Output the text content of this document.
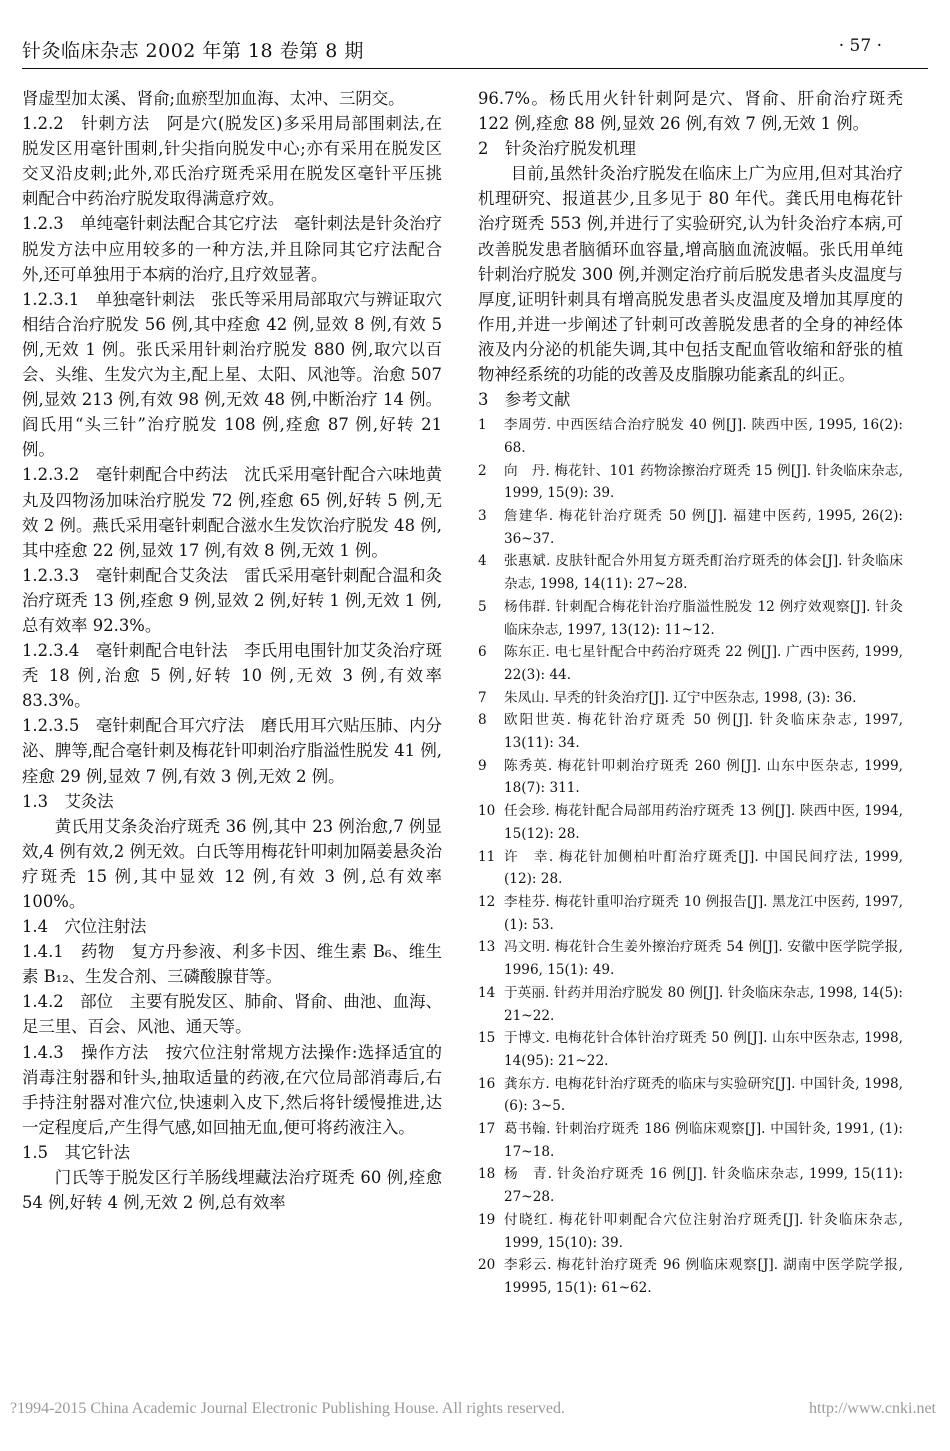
针灸临床杂志 2002 年第 18 卷第 8 期	· 57 ·

肾虚型加太溪、肾俞;血瘀型加血海、太冲、三阴交。

1.2.2　针刺方法　阿是穴(脱发区)多采用局部围刺法,在脱发区用毫针围刺,针尖指向脱发中心;亦有采用在脱发区交叉沿皮刺;此外,邓氏治疗斑秃采用在脱发区毫针平压挑刺配合中药治疗脱发取得满意疗效。

1.2.3　单纯毫针刺法配合其它疗法　毫针刺法是针灸治疗脱发方法中应用较多的一种方法,并且除同其它疗法配合外,还可单独用于本病的治疗,且疗效显著。

1.2.3.1　单独毫针刺法　张氏等采用局部取穴与辨证取穴相结合治疗脱发 56 例,其中痊愈 42 例,显效 8 例,有效 5 例,无效 1 例。张氏采用针刺治疗脱发 880 例,取穴以百会、头维、生发穴为主,配上星、太阳、风池等。治愈 507 例,显效 213 例,有效 98 例,无效 48 例,中断治疗 14 例。阎氏用“头三针”治疗脱发 108 例,痊愈 87 例,好转 21 例。

1.2.3.2　毫针刺配合中药法　沈氏采用毫针配合六味地黄丸及四物汤加味治疗脱发 72 例,痊愈 65 例,好转 5 例,无效 2 例。燕氏采用毫针刺配合滋水生发饮治疗脱发 48 例,其中痊愈 22 例,显效 17 例,有效 8 例,无效 1 例。

1.2.3.3　毫针刺配合艾灸法　雷氏采用毫针刺配合温和灸治疗斑秃 13 例,痊愈 9 例,显效 2 例,好转 1 例,无效 1 例,总有效率 92.3%。

1.2.3.4　毫针刺配合电针法　李氏用电围针加艾灸治疗斑秃 18 例,治愈 5 例,好转 10 例,无效 3 例,有效率 83.3%。

1.2.3.5　毫针刺配合耳穴疗法　磨氏用耳穴贴压肺、内分泌、脾等,配合毫针刺及梅花针叩刺治疗脂溢性脱发 41 例,痊愈 29 例,显效 7 例,有效 3 例,无效 2 例。

1.3　艾灸法

黄氏用艾条灸治疗斑秃 36 例,其中 23 例治愈,7 例显效,4 例有效,2 例无效。白氏等用梅花针叩刺加隔姜悬灸治疗斑秃 15 例,其中显效 12 例,有效 3 例,总有效率 100%。

1.4　穴位注射法

1.4.1　药物　复方丹参液、利多卡因、维生素 B₆、维生素 B₁₂、生发合剂、三磷酸腺苷等。

1.4.2　部位　主要有脱发区、肺俞、肾俞、曲池、血海、足三里、百会、风池、通天等。

1.4.3　操作方法　按穴位注射常规方法操作:选择适宜的消毒注射器和针头,抽取适量的药液,在穴位局部消毒后,右手持注射器对准穴位,快速刺入皮下,然后将针缓慢推进,达一定程度后,产生得气感,如回抽无血,便可将药液注入。

1.5　其它针法

门氏等于脱发区行羊肠线埋藏法治疗斑秃 60 例,痊愈 54 例,好转 4 例,无效 2 例,总有效率

96.7%。杨氏用火针针刺阿是穴、肾俞、肝俞治疗斑秃 122 例,痊愈 88 例,显效 26 例,有效 7 例,无效 1 例。

2　针灸治疗脱发机理

目前,虽然针灸治疗脱发在临床上广为应用,但对其治疗机理研究、报道甚少,且多见于 80 年代。龚氏用电梅花针治疗斑秃 553 例,并进行了实验研究,认为针灸治疗本病,可改善脱发患者脑循环血容量,增高脑血流波幅。张氏用单纯针刺治疗脱发 300 例,并测定治疗前后脱发患者头皮温度与厚度,证明针刺具有增高脱发患者头皮温度及增加其厚度的作用,并进一步阐述了针刺可改善脱发患者的全身的神经体液及内分泌的机能失调,其中包括支配血管收缩和舒张的植物神经系统的功能的改善及皮脂腺功能紊乱的纠正。

3　参考文献

1	李周劳. 中西医结合治疗脱发 40 例[J]. 陕西中医, 1995, 16(2): 68.
2	向　丹. 梅花针、101 药物涂擦治疗斑秃 15 例[J]. 针灸临床杂志, 1999, 15(9): 39.
3	詹建华. 梅花针治疗斑秃 50 例[J]. 福建中医药, 1995, 26(2): 36~37.
4	张惠斌. 皮肤针配合外用复方斑秃酊治疗斑秃的体会[J]. 针灸临床杂志, 1998, 14(11): 27~28.
5	杨伟群. 针刺配合梅花针治疗脂溢性脱发 12 例疗效观察[J]. 针灸临床杂志, 1997, 13(12): 11~12.
6	陈东正. 电七星针配合中药治疗斑秃 22 例[J]. 广西中医药, 1999, 22(3): 44.
7	朱凤山. 早秃的针灸治疗[J]. 辽宁中医杂志, 1998, (3): 36.
8	欧阳世英. 梅花针治疗斑秃 50 例[J]. 针灸临床杂志, 1997, 13(11): 34.
9	陈秀英. 梅花针叩刺治疗斑秃 260 例[J]. 山东中医杂志, 1999, 18(7): 311.
10 任会珍. 梅花针配合局部用药治疗斑秃 13 例[J]. 陕西中医, 1994, 15(12): 28.
11 许　幸. 梅花针加侧柏叶酊治疗斑秃[J]. 中国民间疗法, 1999, (12): 28.
12 李桂芬. 梅花针重叩治疗斑秃 10 例报告[J]. 黑龙江中医药, 1997, (1): 53.
13 冯文明. 梅花针合生姜外擦治疗斑秃 54 例[J]. 安徽中医学院学报, 1996, 15(1): 49.
14 于英丽. 针药并用治疗脱发 80 例[J]. 针灸临床杂志, 1998, 14(5): 21~22.
15 于博文. 电梅花针合体针治疗斑秃 50 例[J]. 山东中医杂志, 1998, 14(95): 21~22.
16 龚东方. 电梅花针治疗斑秃的临床与实验研究[J]. 中国针灸, 1998, (6): 3~5.
17 葛书翰. 针刺治疗斑秃 186 例临床观察[J]. 中国针灸, 1991, (1): 17~18.
18 杨　青. 针灸治疗斑秃 16 例[J]. 针灸临床杂志, 1999, 15(11): 27~28.
19 付晓红. 梅花针叩刺配合穴位注射治疗斑秃[J]. 针灸临床杂志, 1999, 15(10): 39.
20 李彩云. 梅花针治疗斑秃 96 例临床观察[J]. 湖南中医学院学报, 19995, 15(1): 61~62.
?1994-2015 China Academic Journal Electronic Publishing House. All rights reserved.	http://www.cnki.net
